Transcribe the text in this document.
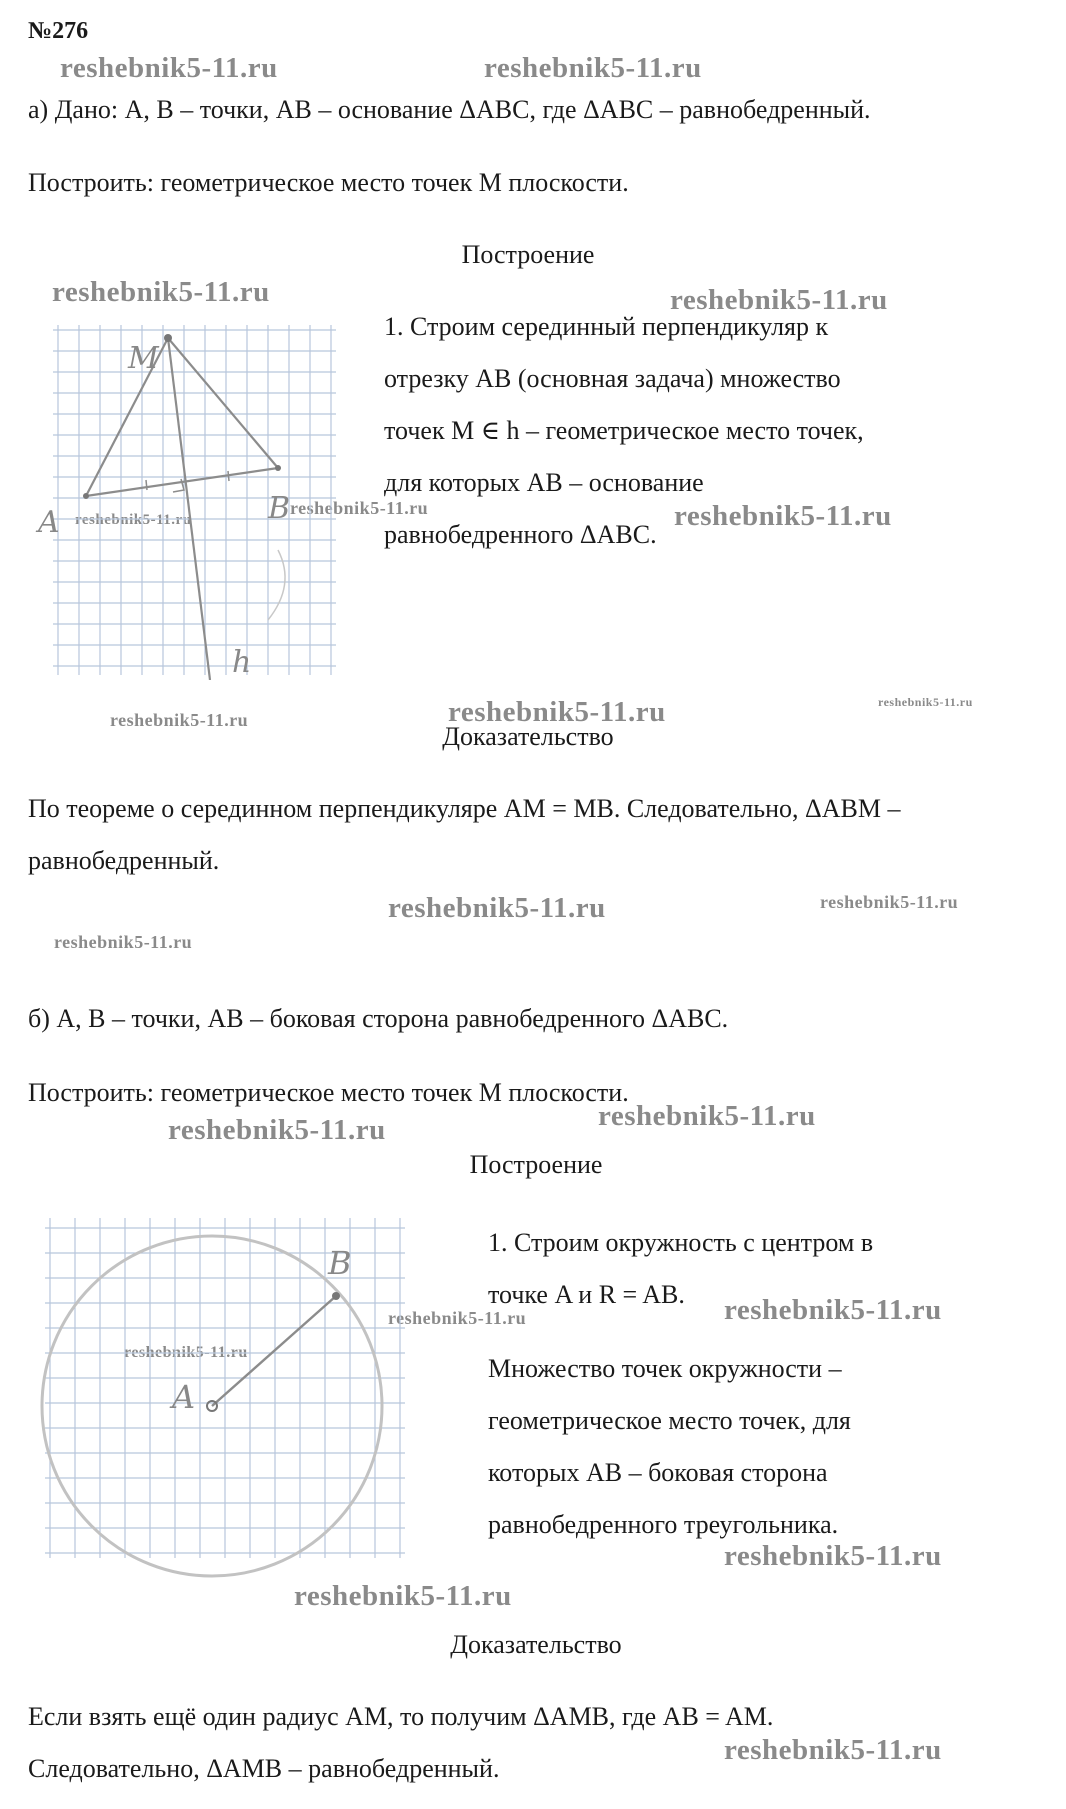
№276
reshebnik5-11.ru	reshebnik5-11.ru
reshebnik5-11.ru	reshebnik5-11.ru
reshebnik5-11.ru
reshebnik5-11.ru	reshebnik5-11.ru
reshebnik5-11.ru	reshebnik5-11.ru	reshebnik5-11.ru
reshebnik5-11.ru	reshebnik5-11.ru
reshebnik5-11.ru
reshebnik5-11.ru	reshebnik5-11.ru
reshebnik5-11.ru	reshebnik5-11.ru
reshebnik5-11.ru
reshebnik5-11.ru
reshebnik5-11.ru
reshebnik5-11.ru
а) Дано: A, B – точки, AB – основание ΔABC, где ΔABC – равнобедренный.
Построить: геометрическое место точек M плоскости.
Построение
1. Строим серединный перпендикуляр к
отрезку AB (основная задача) множество
точек M ∈ h – геометрическое место точек,
для которых AB – основание
равнобедренного ΔABC.
Доказательство
По теореме о серединном перпендикуляре AM = MB. Следовательно, ΔABM –
равнобедренный.
M
A	B
h
б) A, B – точки, AB – боковая сторона равнобедренного ΔABC.
Построить: геометрическое место точек M плоскости.
Построение
1. Строим окружность с центром в
точке A и R = AB.
Множество точек окружности –
геометрическое место точек, для
которых AB – боковая сторона
равнобедренного треугольника.
Доказательство
Если взять ещё один радиус AM, то получим ΔAMB, где AB = AM.
Следовательно, ΔAMB – равнобедренный.
A
B
